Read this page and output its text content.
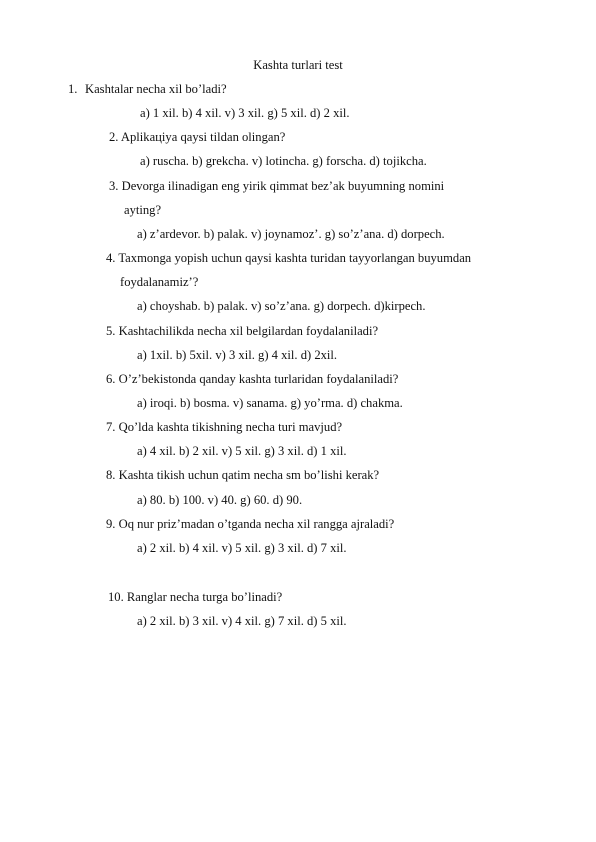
Kashta turlari test
1. Kashtalar necha xil bo’ladi?
a) 1 xil. b) 4 xil. v) 3 xil. g) 5 xil. d) 2 xil.
2. Aplikaцiya qaysi tildan olingan?
a) ruscha. b) grekcha. v) lotincha. g) forscha. d) tojikcha.
3. Devorga ilinadigan eng yirik qimmat bez’ak buyumning nomini
ayting?
a) z’ardevor. b) palak. v) joynamoz’. g) so’z’ana. d) dorpech.
4. Taxmonga yopish uchun qaysi kashta turidan tayyorlangan buyumdan
foydalanamiz’?
a) choyshab. b) palak. v) so’z’ana. g) dorpech. d)kirpech.
5. Kashtachilikda necha xil belgilardan foydalaniladi?
a) 1xil. b) 5xil. v) 3 xil. g) 4 xil. d) 2xil.
6. O’z’bekistonda qanday kashta turlaridan foydalaniladi?
a) iroqi. b) bosma. v) sanama. g) yo’rma. d) chakma.
7. Qo’lda kashta tikishning necha turi mavjud?
a) 4 xil. b) 2 xil. v) 5 xil. g) 3 xil. d) 1 xil.
8. Kashta tikish uchun qatim necha sm bo’lishi kerak?
a) 80. b) 100. v) 40. g) 60. d) 90.
9. Oq nur priz’madan o’tganda necha xil rangga ajraladi?
a) 2 xil. b) 4 xil. v) 5 xil. g) 3 xil. d) 7 xil.
10. Ranglar necha turga bo’linadi?
a) 2 xil. b) 3 xil. v) 4 xil. g) 7 xil. d) 5 xil.
